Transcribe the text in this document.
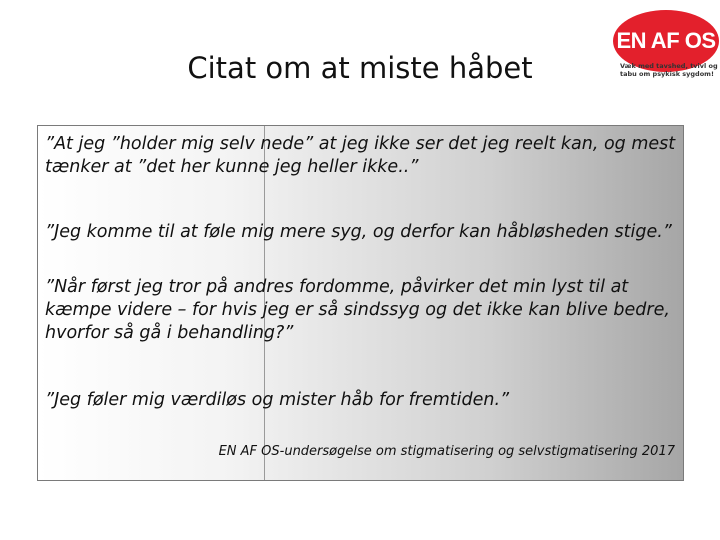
Citat om at miste håbet
EN AF OS
Væk med tavshed, tvivl og tabu om psykisk sygdom!
”At jeg ”holder mig selv nede” at jeg ikke ser det jeg reelt kan, og mest tænker at ”det her kunne jeg heller ikke..”
”Jeg komme til at føle mig mere syg, og derfor kan håbløsheden stige.”
”Når først jeg tror på andres fordomme, påvirker det min lyst til at kæmpe videre – for hvis jeg er så sindssyg og det ikke kan blive bedre, hvorfor så gå i behandling?”
”Jeg føler mig værdiløs og mister håb for fremtiden.”
EN AF OS-undersøgelse om stigmatisering og selvstigmatisering 2017
